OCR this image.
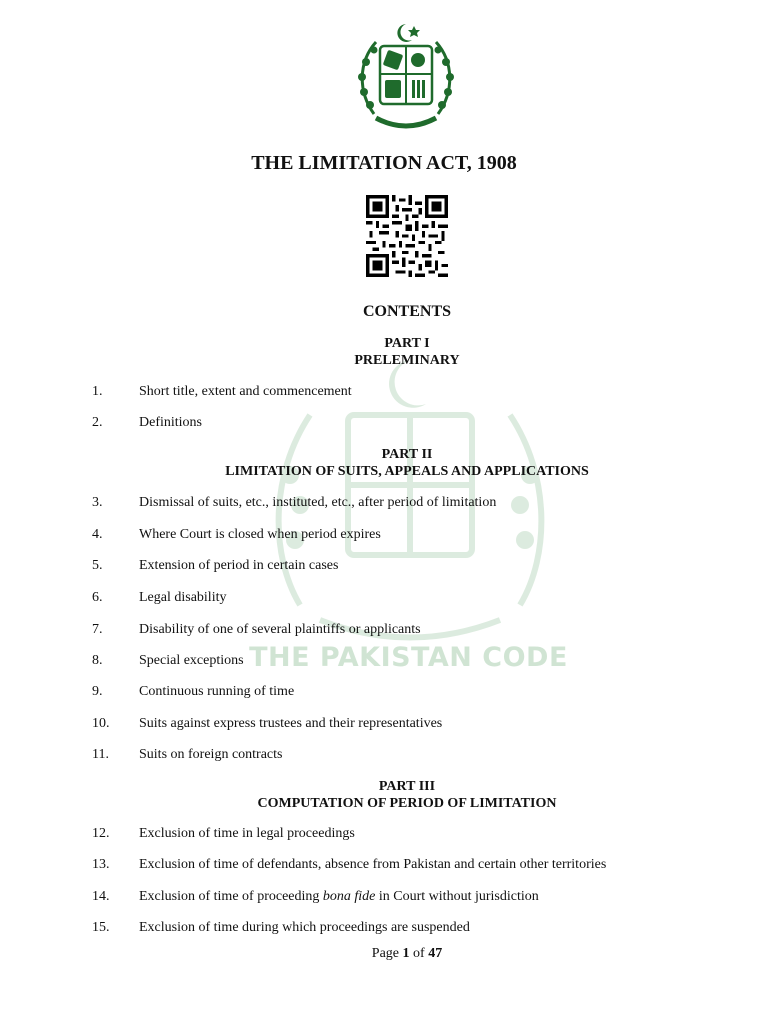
THE PAKISTAN CODE
THE LIMITATION ACT, 1908
CONTENTS
PART I
PRELEMINARY
1.	Short title, extent and commencement
2.	Definitions
PART II
LIMITATION OF SUITS, APPEALS AND APPLICATIONS
3.	Dismissal of suits, etc., instituted, etc., after period of limitation
4.	Where Court is closed when period expires
5.	Extension of period in certain cases
6.	Legal disability
7.	Disability of one of several plaintiffs or applicants
8.	Special exceptions
9.	Continuous running of time
10. Suits against express trustees and their representatives
11. Suits on foreign contracts
PART III
COMPUTATION OF PERIOD OF LIMITATION
12. Exclusion of time in legal proceedings
13. Exclusion of time of defendants, absence from Pakistan and certain other territories
14. Exclusion of time of proceeding bona fide in Court without jurisdiction
15. Exclusion of time during which proceedings are suspended
Page 1 of 47
